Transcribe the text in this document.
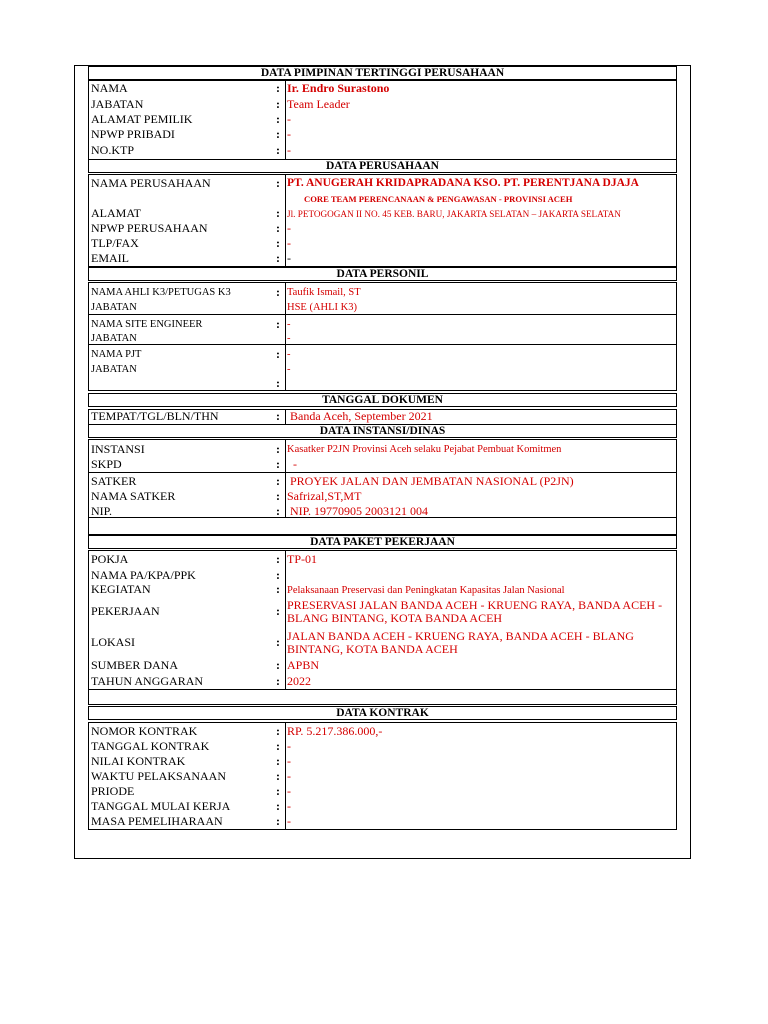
DATA PIMPINAN TERTINGGI PERUSAHAAN
NAMA	: Ir. Endro Surastono
JABATAN	: Team Leader
ALAMAT PEMILIK	: -
NPWP PRIBADI	: -
NO.KTP	: -
DATA PERUSAHAAN
NAMA PERUSAHAAN	: PT. ANUGERAH KRIDAPRADANA KSO. PT. PERENTJANA DJAJA
CORE TEAM PERENCANAAN & PENGAWASAN - PROVINSI ACEH
ALAMAT	: Jl. PETOGOGAN II NO. 45 KEB. BARU, JAKARTA SELATAN – JAKARTA SELATAN
NPWP PERUSAHAAN	: -
TLP/FAX	: -
EMAIL	: -
DATA PERSONIL
NAMA AHLI K3/PETUGAS K3	: Taufik Ismail, ST
JABATAN	HSE (AHLI K3)
NAMA SITE ENGINEER	: -
JABATAN	-
NAMA PJT	: -
JABATAN	-
:
TANGGAL DOKUMEN
TEMPAT/TGL/BLN/THN	: Banda Aceh, September 2021
DATA INSTANSI/DINAS
INSTANSI	: Kasatker P2JN Provinsi Aceh selaku Pejabat Pembuat Komitmen
SKPD	: -
SATKER	: PROYEK JALAN DAN JEMBATAN NASIONAL (P2JN)
NAMA SATKER	: Safrizal,ST,MT
NIP.	: NIP. 19770905 2003121 004
DATA PAKET PEKERJAAN
POKJA	: TP-01
NAMA PA/KPA/PPK	:
KEGIATAN	: Pelaksanaan Preservasi dan Peningkatan Kapasitas Jalan Nasional
PEKERJAAN	: PRESERVASI JALAN BANDA ACEH - KRUENG RAYA, BANDA ACEH - BLANG BINTANG, KOTA BANDA ACEH
LOKASI	: JALAN BANDA ACEH - KRUENG RAYA, BANDA ACEH - BLANG BINTANG, KOTA BANDA ACEH
SUMBER DANA	: APBN
TAHUN ANGGARAN	: 2022
DATA KONTRAK
NOMOR KONTRAK	: RP. 5.217.386.000,-
TANGGAL KONTRAK	: -
NILAI KONTRAK	: -
WAKTU PELAKSANAAN	: -
PRIODE	: -
TANGGAL MULAI KERJA	: -
MASA PEMELIHARAAN	: -
